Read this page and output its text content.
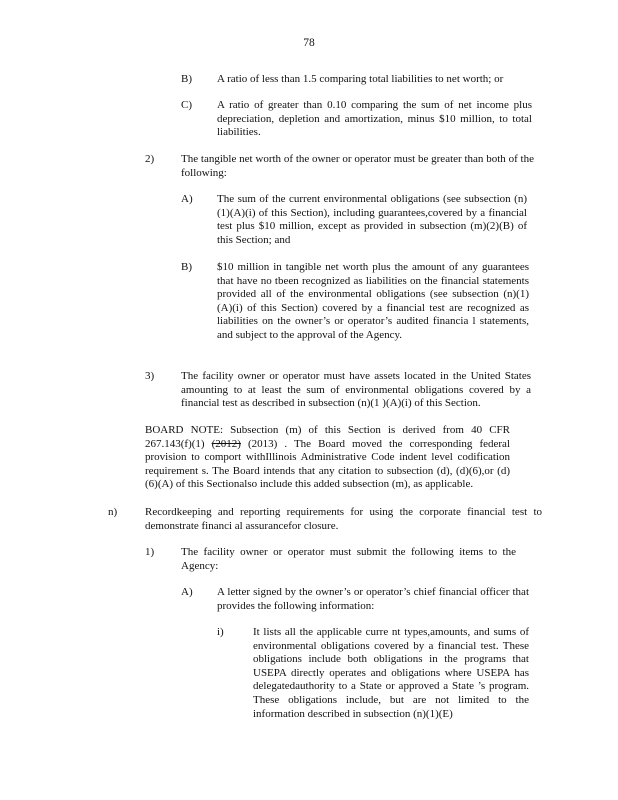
78
B) A ratio of less than 1.5 comparing total liabilities to net worth; or
C) A ratio of greater than 0.10 comparing the sum of net income plus depreciation, depletion and amortization, minus $10 million, to total liabilities.
2) The tangible net worth of the owner or operator must be greater than both of the following:
A) The sum of the current environmental obligations (see subsection (n)(1)(A)(i) of this Section), including guarantees,covered by a financial test plus $10 million, except as provided in subsection (m)(2)(B) of this Section; and
B) $10 million in tangible net worth plus the amount of any guarantees that have no tbeen recognized as liabilities on the financial statements provided all of the environmental obligations (see subsection (n)(1)(A)(i) of this Section) covered by a financial test are recognized as liabilities on the owner’s or operator’s audited financia l statements, and subject to the approval of the Agency.
3) The facility owner or operator must have assets located in the United States amounting to at least the sum of environmental obligations covered by a financial test as described in subsection (n)(1 )(A)(i) of this Section.
BOARD NOTE: Subsection (m) of this Section is derived from 40 CFR 267.143(f)(1) (2012) (2013) . The Board moved the corresponding federal provision to comport withIllinois Administrative Code indent level codification requirement s. The Board intends that any citation to subsection (d), (d)(6),or (d)(6)(A) of this Sectionalso include this added subsection (m), as applicable.
n)	Recordkeeping and reporting requirements for using the corporate financial test to demonstrate financi al assurancefor closure.
1) The facility owner or operator must submit the following items to the Agency:
A) A letter signed by the owner’s or operator’s chief financial officer that provides the following information:
i)	It lists all the applicable curre nt types,amounts, and sums of environmental obligations covered by a financial test. These obligations include both obligations in the programs that USEPA directly operates and obligations where USEPA has delegatedauthority to a State or approved a State ’s program. These obligations include, but are not limited to the information described in subsection (n)(1)(E)
